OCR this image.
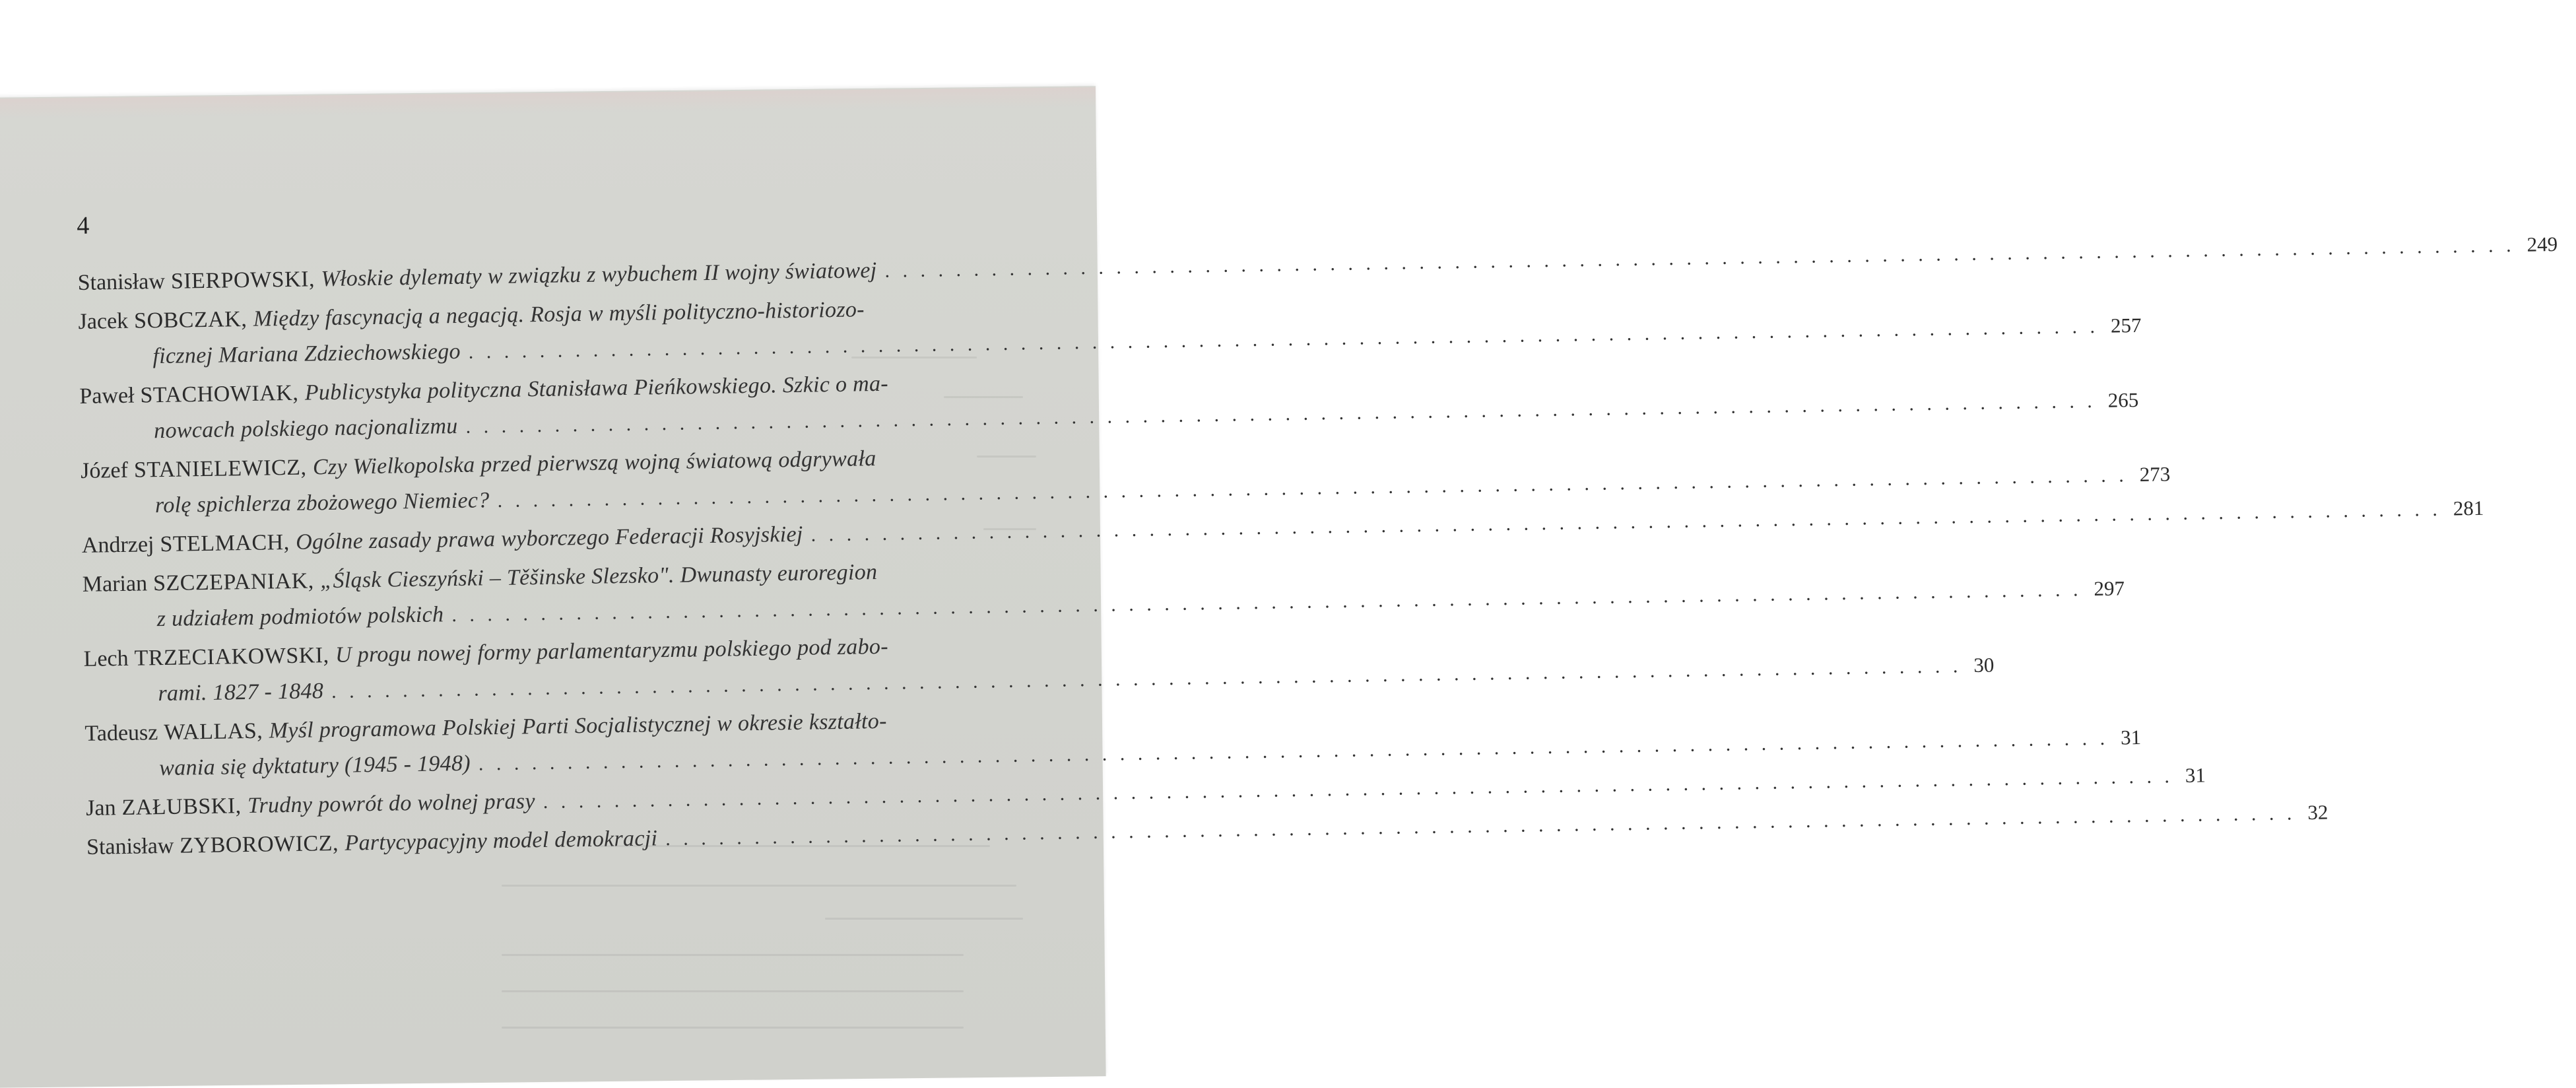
4
Stanisław SIERPOWSKI , Włoskie dylematy w związku z wybuchem II wojny światowej
. . .
249
Jacek SOBCZAK , Między fascynacją a negacją. Rosja w myśli polityczno-historiozo-
ficznej Mariana Zdziechowskiego
. . .
257
Paweł STACHOWIAK , Publicystyka polityczna Stanisława Pieńkowskiego. Szkic o ma-
nowcach polskiego nacjonalizmu
. . .
265
Józef STANIELEWICZ , Czy Wielkopolska przed pierwszą wojną światową odgrywała
rolę spichlerza zbożowego Niemiec?
. . .
273
Andrzej STELMACH , Ogólne zasady prawa wyborczego Federacji Rosyjskiej
. . .
281
Marian SZCZEPANIAK , „Śląsk Cieszyński – Těšinske Slezsko". Dwunasty euroregion
z udziałem podmiotów polskich
. . .
297
Lech TRZECIAKOWSKI , U progu nowej formy parlamentaryzmu polskiego pod zabo-
rami. 1827 - 1848
. . .
30
Tadeusz WALLAS , Myśl programowa Polskiej Parti Socjalistycznej w okresie kształto-
wania się dyktatury (1945 - 1948)
. . .
31
Jan ZAŁUBSKI , Trudny powrót do wolnej prasy
. . .
31
Stanisław ZYBOROWICZ , Partycypacyjny model demokracji
. . .
32
